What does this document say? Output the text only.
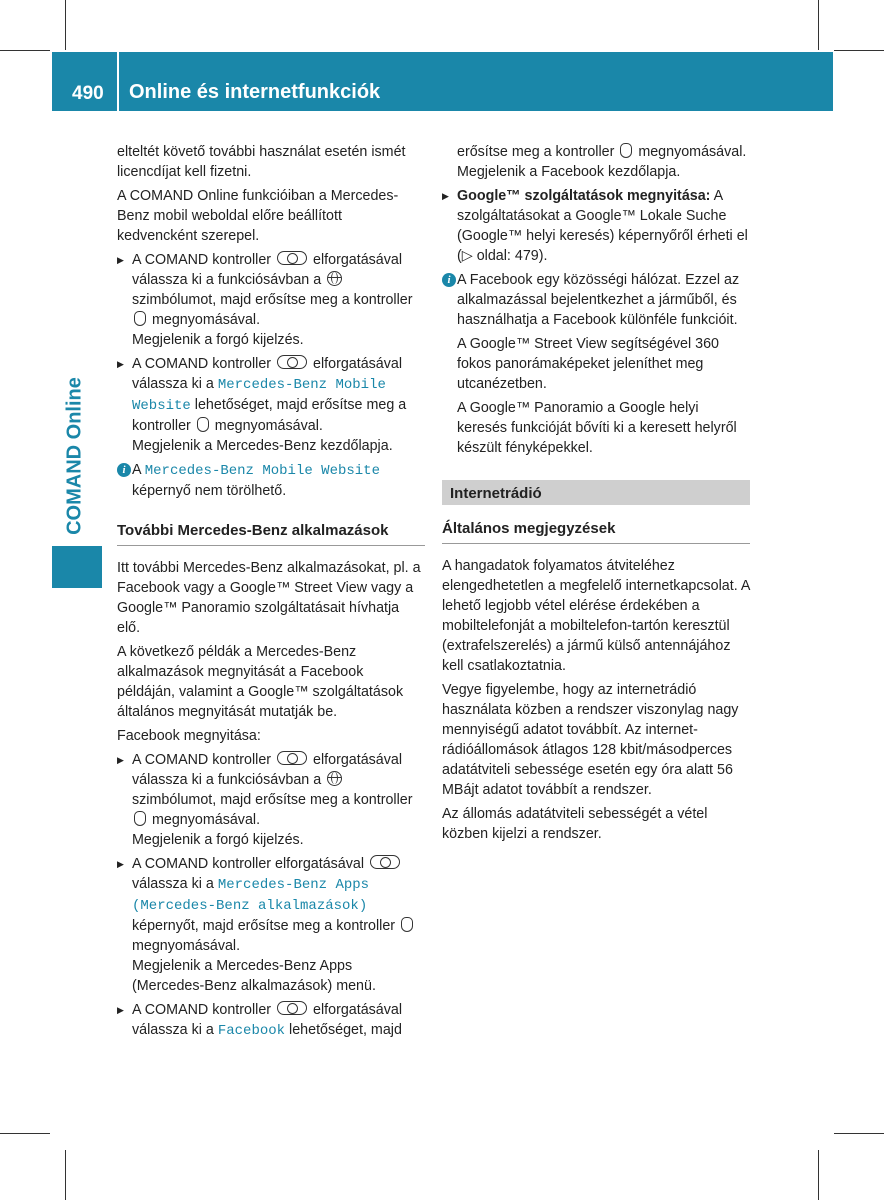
490 Online és internetfunkciók
COMAND Online

elteltét követő további használat esetén ismét licencdíjat kell fizetni.

A COMAND Online funkcióiban a Mercedes-Benz mobil weboldal előre beállított kedvencként szerepel.

▶ A COMAND kontroller	elforgatásával válassza ki a funkciósávban a  szimbólumot, majd erősítse meg a kontroller  megnyomásával.
Megjelenik a forgó kijelzés.
▶ A COMAND kontroller	elforgatásával válassza ki a Mercedes-Benz Mobile Website lehetőséget, majd erősítse meg a kontroller megnyomásával.
Megjelenik a Mercedes-Benz kezdőlapja.
i A Mercedes-Benz Mobile Website képernyő nem törölhető.
További Mercedes-Benz alkalmazások

Itt további Mercedes-Benz alkalmazásokat, pl. a Facebook vagy a Google™ Street View vagy a Google™ Panoramio szolgáltatásait hívhatja elő.

A következő példák a Mercedes-Benz alkalmazások megnyitását a Facebook példáján, valamint a Google™ szolgáltatások általános megnyitását mutatják be.

Facebook megnyitása:

▶ A COMAND kontroller	elforgatásával válassza ki a funkciósávban a  szimbólumot, majd erősítse meg a kontroller  megnyomásával.
Megjelenik a forgó kijelzés.
▶ A COMAND kontroller elforgatásával  válassza ki a Mercedes-Benz Apps (Mercedes-Benz alkalmazások) képernyőt, majd erősítse meg a kontroller  megnyomásával.
Megjelenik a Mercedes-Benz Apps (Mercedes-Benz alkalmazások) menü.
▶ A COMAND kontroller	elforgatásával válassza ki a Facebook lehetőséget, majd
erősítse meg a kontroller megnyomásával.
Megjelenik a Facebook kezdőlapja.
▶ Google™ szolgáltatások megnyitása: A szolgáltatásokat a Google™ Lokale Suche (Google™ helyi keresés) képernyőről érheti el (▷ oldal: 479).
i A Facebook egy közösségi hálózat. Ezzel az alkalmazással bejelentkezhet a járműből, és használhatja a Facebook különféle funkcióit.

A Google™ Street View segítségével 360 fokos panorámaképeket jeleníthet meg utcanézetben.

A Google™ Panoramio a Google helyi keresés funkcióját bővíti ki a keresett helyről készült fényképekkel.

Internetrádió
Általános megjegyzések

A hangadatok folyamatos átviteléhez elengedhetetlen a megfelelő internetkapcsolat. A lehető legjobb vétel elérése érdekében a mobiltelefonját a mobiltelefon-tartón keresztül (extrafelszerelés) a jármű külső antennájához kell csatlakoztatnia.

Vegye figyelembe, hogy az internetrádió használata közben a rendszer viszonylag nagy mennyiségű adatot továbbít. Az internet-rádióállomások átlagos 128 kbit/másodperces adatátviteli sebessége esetén egy óra alatt 56 MBájt adatot továbbít a rendszer.

Az állomás adatátviteli sebességét a vétel közben kijelzi a rendszer.
